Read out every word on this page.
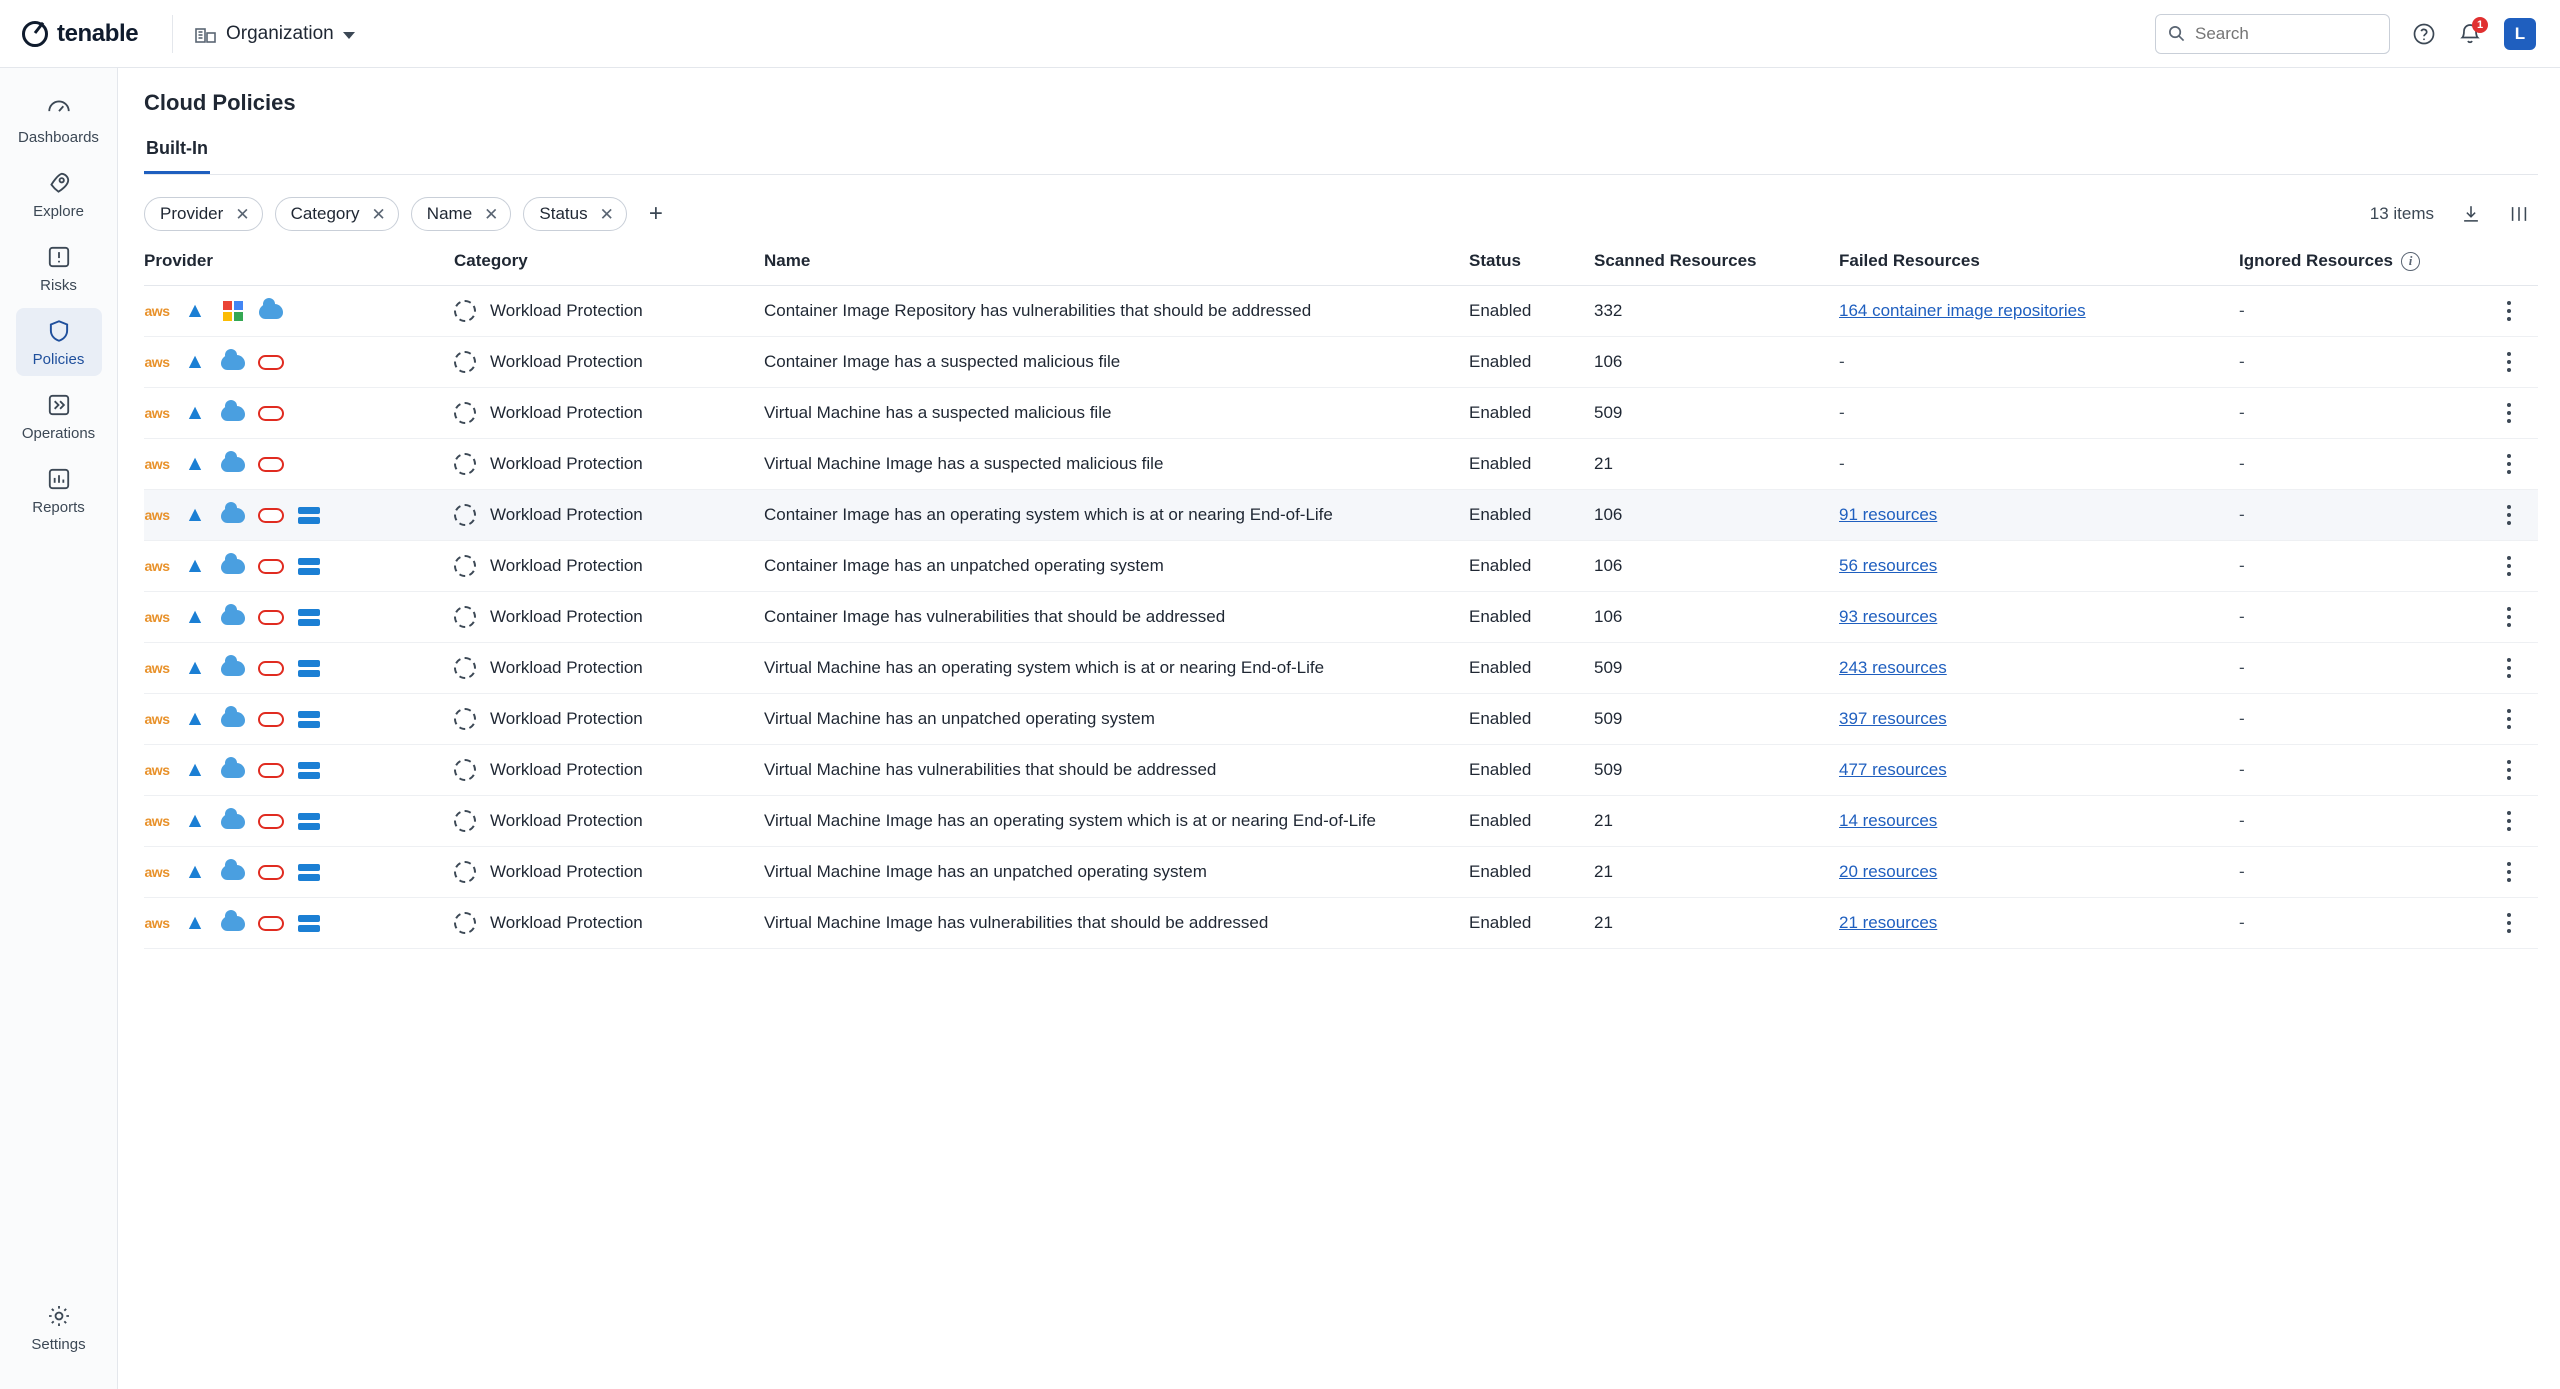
tenable	Organization
Search	1	L
Dashboards
Explore
Risks
Policies
Operations
Reports
Settings
Cloud Policies
Built-In
Provider ✕ Category ✕ Name ✕ Status ✕	+	13 items
Provider	Category	Name	Status	Scanned Resources	Failed Resources	Ignored Resources i	

aws ▲	Workload Protection	Container Image Repository has vulnerabilities that should be addressed	Enabled	332	164 container image repositories	-	

aws ▲	Workload Protection	Container Image has a suspected malicious file	Enabled	106	-	-	

aws ▲	Workload Protection	Virtual Machine has a suspected malicious file	Enabled	509	-	-	

aws ▲	Workload Protection	Virtual Machine Image has a suspected malicious file	Enabled	21	-	-	

aws ▲	Workload Protection	Container Image has an operating system which is at or nearing End-of-Life	Enabled	106	91 resources	-	

aws ▲	Workload Protection	Container Image has an unpatched operating system	Enabled	106	56 resources	-	

aws ▲	Workload Protection	Container Image has vulnerabilities that should be addressed	Enabled	106	93 resources	-	

aws ▲	Workload Protection	Virtual Machine has an operating system which is at or nearing End-of-Life	Enabled	509	243 resources	-	

aws ▲	Workload Protection	Virtual Machine has an unpatched operating system	Enabled	509	397 resources	-	

aws ▲	Workload Protection	Virtual Machine has vulnerabilities that should be addressed	Enabled	509	477 resources	-	

aws ▲	Workload Protection	Virtual Machine Image has an operating system which is at or nearing End-of-Life	Enabled	21	14 resources	-	

aws ▲	Workload Protection	Virtual Machine Image has an unpatched operating system	Enabled	21	20 resources	-	

aws ▲	Workload Protection	Virtual Machine Image has vulnerabilities that should be addressed	Enabled	21	21 resources	-	
